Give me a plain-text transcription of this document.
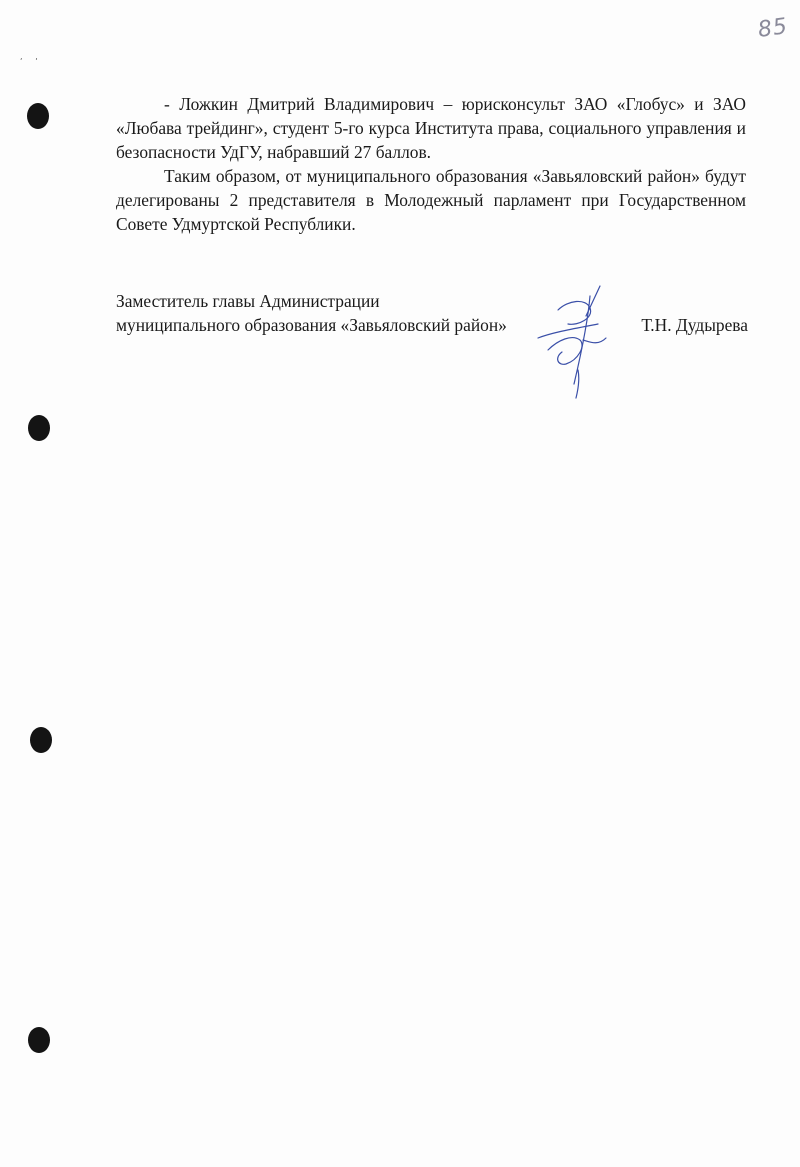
85
,     ,

- Ложкин Дмитрий Владимирович – юрисконсульт ЗАО «Глобус» и ЗАО «Любава трейдинг», студент 5-го курса Института права, социального управления и безопасности УдГУ, набравший 27 баллов.

Таким образом, от муниципального образования «Завьяловский район» будут делегированы 2 представителя в Молодежный парламент при Государственном Совете Удмуртской Республики.

Заместитель главы Администрации
муниципального образования «Завьяловский район»	Т.Н. Дудырева
